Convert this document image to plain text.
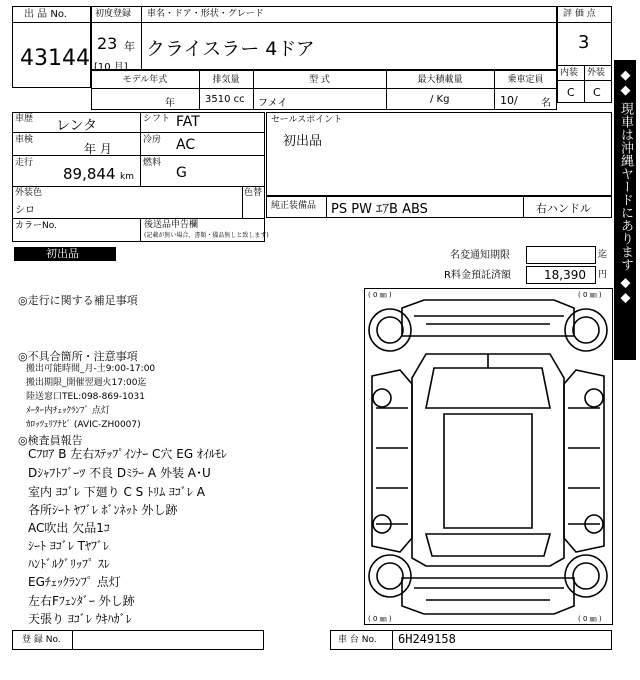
出 品 No.
43144
初度登録 車名・ドア・形状・グレード
23 年
[10 月]
クライスラー 4ドア
評 価 点
3
内装 外装
C C
モデル年式	排気量	型 式	最大積載量	乗車定員
年	3510 cc フメイ	/ Kg	10/ 名
車歴 レンタ	シフト FAT
車検
年 月
冷房 AC
走行
89,844 km
燃料
G
外装色
シロ
色替
カラーNo.	後送品申告欄
(記載が無い場合、書類・備品無しと致します)
セールスポイント
初出品
純正装備品 PS PW ｴｱB ABS	右ハンドル
初出品	名変通知期限	迄
R料金預託済額	18,390 円 ◆◆ 現車は沖縄ヤードにあります ◆◆
◎走行に関する補足事項
◎不具合箇所・注意事項
搬出可能時間_月-土9:00-17:00
搬出期限_開催翌週火17:00迄
陸送窓口TEL:098-869-1031
ﾒｰﾀｰ内ﾁｪｯｸﾗﾝﾌﾟ 点灯
ｶﾛｯﾂｪﾘｱﾅﾋﾞ (AVIC-ZH0007)
◎検査員報告
Cﾌﾛｱ B 左右ｽﾃｯﾌﾟｲﾝﾅｰ C穴 EG ｵｲﾙﾓﾚ
Dｼｬﾌﾄﾌﾞｰﾂ 不良 Dﾐﾗｰ A 外装 A･U
室内 ﾖｺﾞﾚ 下廻り C S ﾄﾘﾑ ﾖｺﾞﾚ A
各所ｼｰﾄ ﾔﾌﾞﾚ ﾎﾞﾝﾈｯﾄ 外し跡
AC吹出 欠品1ｺ
ｼｰﾄ ﾖｺﾞﾚ Tﾔﾌﾞﾚ
ﾊﾝﾄﾞﾙｸﾞﾘｯﾌﾟ ｽﾚ
EGﾁｪｯｸﾗﾝﾌﾟ 点灯
左右Fﾌｪﾝﾀﾞｰ 外し跡
天張り ﾖｺﾞﾚ ｳｷﾊｶﾞﾚ
( 0 ㎜ )	( 0 ㎜ )
( 0 ㎜ )	( 0 ㎜ )
登 録 No.	車 台 No. 6H249158
